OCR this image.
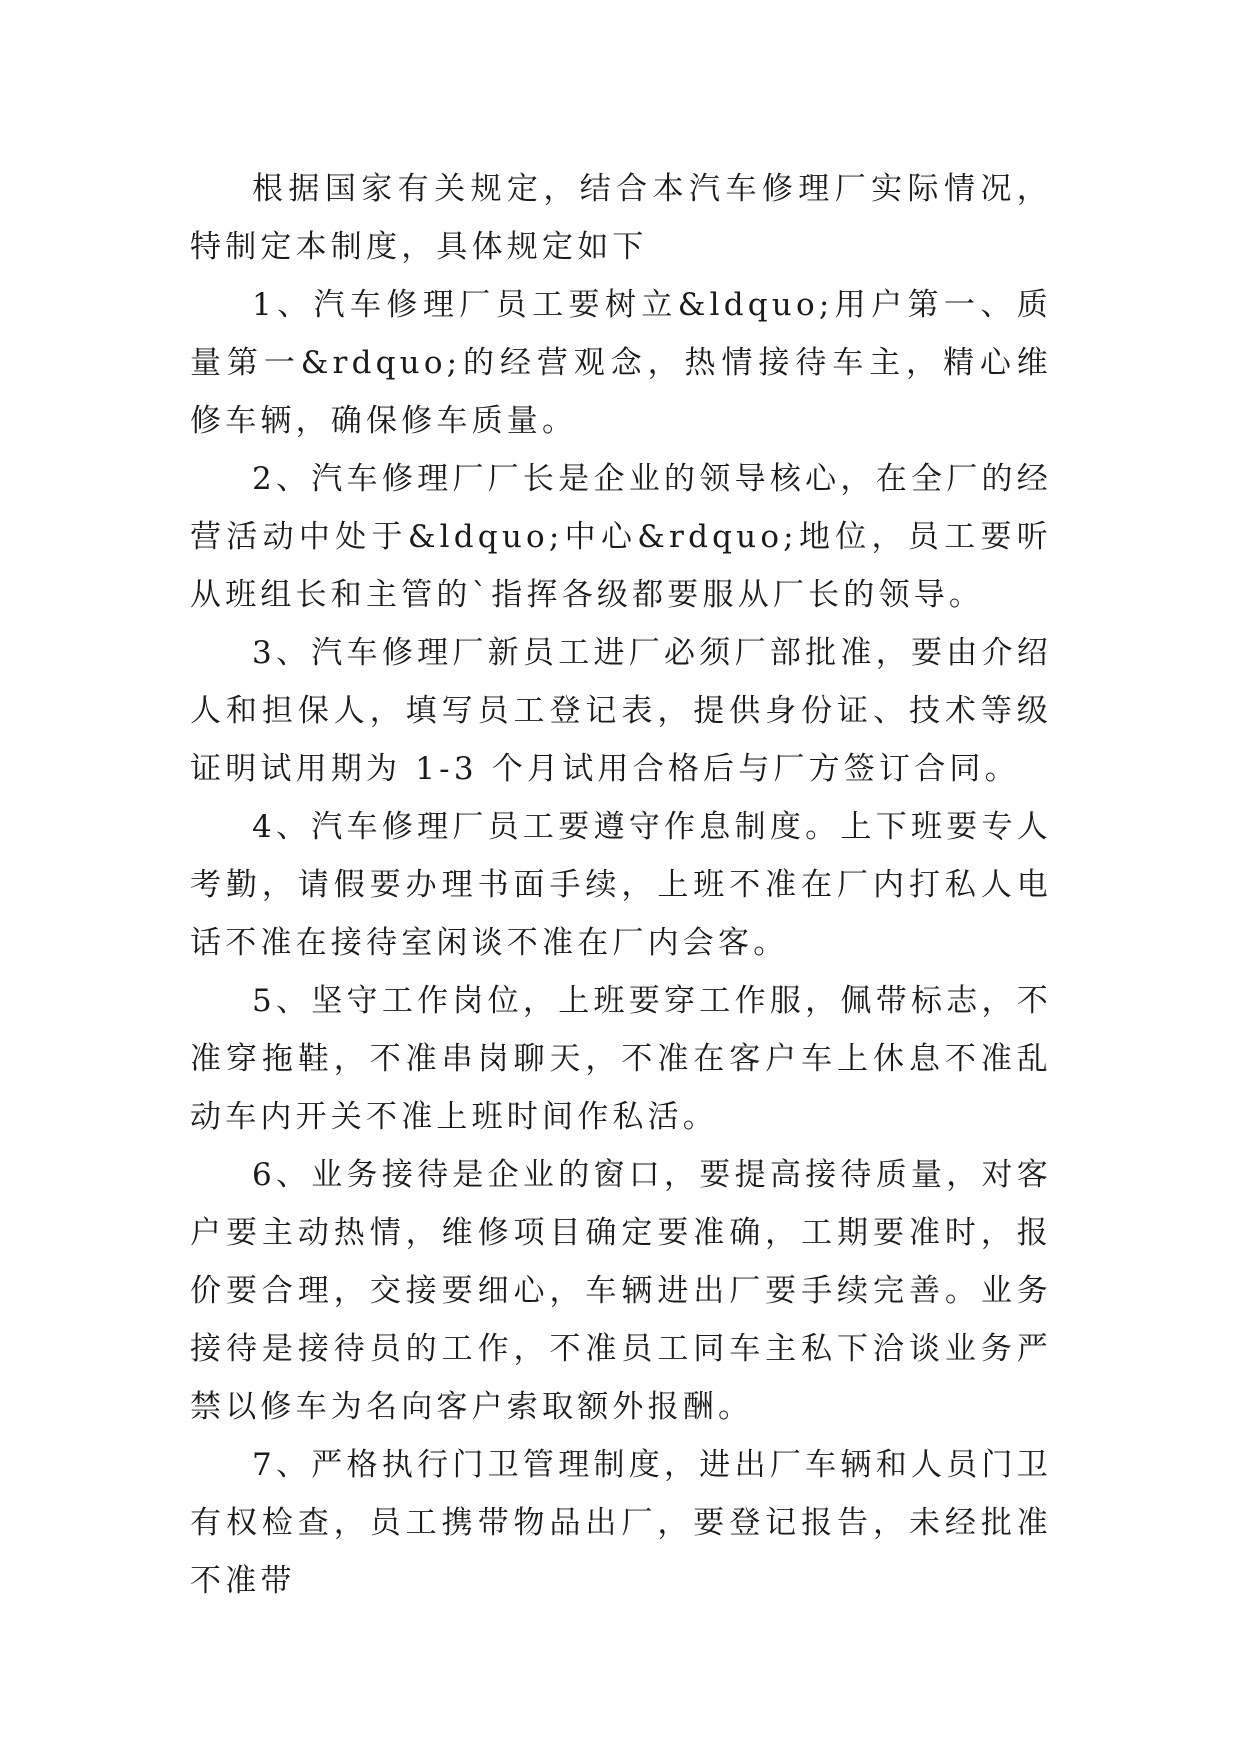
根据国家有关规定，结合本汽车修理厂实际情况，特制定本制度，具体规定如下

1、汽车修理厂员工要树立&ldquo;用户第一、质量第一&rdquo;的经营观念，热情接待车主，精心维修车辆，确保修车质量。

2、汽车修理厂厂长是企业的领导核心，在全厂的经营活动中处于&ldquo;中心&rdquo;地位，员工要听从班组长和主管的`指挥各级都要服从厂长的领导。

3、汽车修理厂新员工进厂必须厂部批准，要由介绍人和担保人，填写员工登记表，提供身份证、技术等级证明试用期为 1-3 个月试用合格后与厂方签订合同。

4、汽车修理厂员工要遵守作息制度。上下班要专人考勤，请假要办理书面手续，上班不准在厂内打私人电话不准在接待室闲谈不准在厂内会客。

5、坚守工作岗位，上班要穿工作服，佩带标志，不准穿拖鞋，不准串岗聊天，不准在客户车上休息不准乱动车内开关不准上班时间作私活。

6、业务接待是企业的窗口，要提高接待质量，对客户要主动热情，维修项目确定要准确，工期要准时，报价要合理，交接要细心，车辆进出厂要手续完善。业务接待是接待员的工作，不准员工同车主私下洽谈业务严禁以修车为名向客户索取额外报酬。

7、严格执行门卫管理制度，进出厂车辆和人员门卫有权检查，员工携带物品出厂，要登记报告，未经批准不准带
